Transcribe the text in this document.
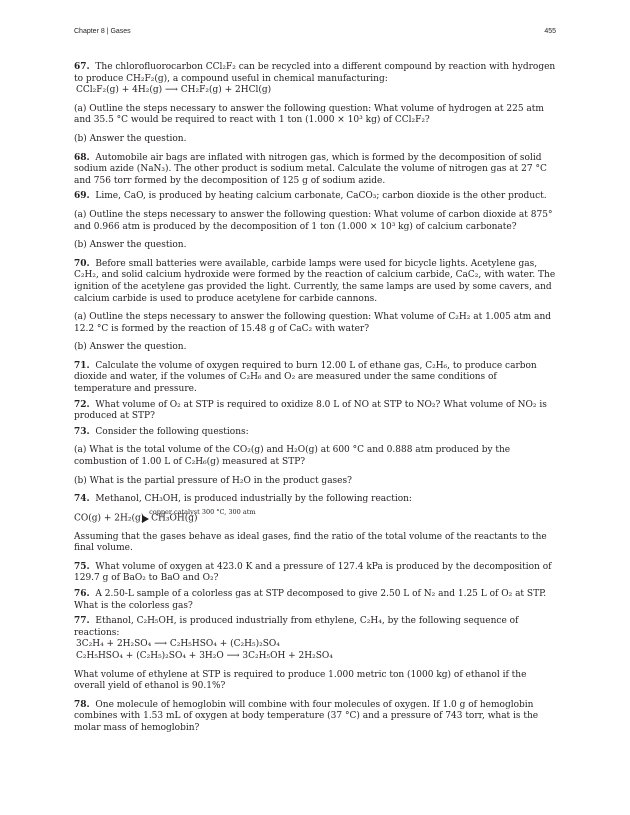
Chapter 8 | Gases	455

67. The chlorofluorocarbon CCl₂F₂ can be recycled into a different compound by reaction with hydrogen to produce CH₂F₂(g), a compound useful in chemical manufacturing:

CCl₂F₂(g) + 4H₂(g) ⟶ CH₂F₂(g) + 2HCl(g)

(a) Outline the steps necessary to answer the following question: What volume of hydrogen at 225 atm and 35.5 °C would be required to react with 1 ton (1.000 × 10³ kg) of CCl₂F₂?

(b) Answer the question.

68. Automobile air bags are inflated with nitrogen gas, which is formed by the decomposition of solid sodium azide (NaN₃). The other product is sodium metal. Calculate the volume of nitrogen gas at 27 °C and 756 torr formed by the decomposition of 125 g of sodium azide.

69. Lime, CaO, is produced by heating calcium carbonate, CaCO₃; carbon dioxide is the other product.

(a) Outline the steps necessary to answer the following question: What volume of carbon dioxide at 875° and 0.966 atm is produced by the decomposition of 1 ton (1.000 × 10³ kg) of calcium carbonate?

(b) Answer the question.

70. Before small batteries were available, carbide lamps were used for bicycle lights. Acetylene gas, C₂H₂, and solid calcium hydroxide were formed by the reaction of calcium carbide, CaC₂, with water. The ignition of the acetylene gas provided the light. Currently, the same lamps are used by some cavers, and calcium carbide is used to produce acetylene for carbide cannons.

(a) Outline the steps necessary to answer the following question: What volume of C₂H₂ at 1.005 atm and 12.2 °C is formed by the reaction of 15.48 g of CaC₂ with water?

(b) Answer the question.

71. Calculate the volume of oxygen required to burn 12.00 L of ethane gas, C₂H₆, to produce carbon dioxide and water, if the volumes of C₂H₆ and O₂ are measured under the same conditions of temperature and pressure.

72. What volume of O₂ at STP is required to oxidize 8.0 L of NO at STP to NO₂? What volume of NO₂ is produced at STP?

73. Consider the following questions:

(a) What is the total volume of the CO₂(g) and H₂O(g) at 600 °C and 0.888 atm produced by the combustion of 1.00 L of C₂H₆(g) measured at STP?

(b) What is the partial pressure of H₂O in the product gases?

74. Methanol, CH₃OH, is produced industrially by the following reaction:

CO(g) + 2H₂(g)
copper catalyst 300 °C, 300 atm
CH₃OH(g)

Assuming that the gases behave as ideal gases, find the ratio of the total volume of the reactants to the final volume.

75. What volume of oxygen at 423.0 K and a pressure of 127.4 kPa is produced by the decomposition of 129.7 g of BaO₂ to BaO and O₂?

76. A 2.50-L sample of a colorless gas at STP decomposed to give 2.50 L of N₂ and 1.25 L of O₂ at STP. What is the colorless gas?

77. Ethanol, C₂H₅OH, is produced industrially from ethylene, C₂H₄, by the following sequence of reactions:

3C₂H₄ + 2H₂SO₄ ⟶ C₂H₅HSO₄ + (C₂H₅)₂SO₄

C₂H₅HSO₄ + (C₂H₅)₂SO₄ + 3H₂O ⟶ 3C₂H₅OH + 2H₂SO₄

What volume of ethylene at STP is required to produce 1.000 metric ton (1000 kg) of ethanol if the overall yield of ethanol is 90.1%?

78. One molecule of hemoglobin will combine with four molecules of oxygen. If 1.0 g of hemoglobin combines with 1.53 mL of oxygen at body temperature (37 °C) and a pressure of 743 torr, what is the molar mass of hemoglobin?
